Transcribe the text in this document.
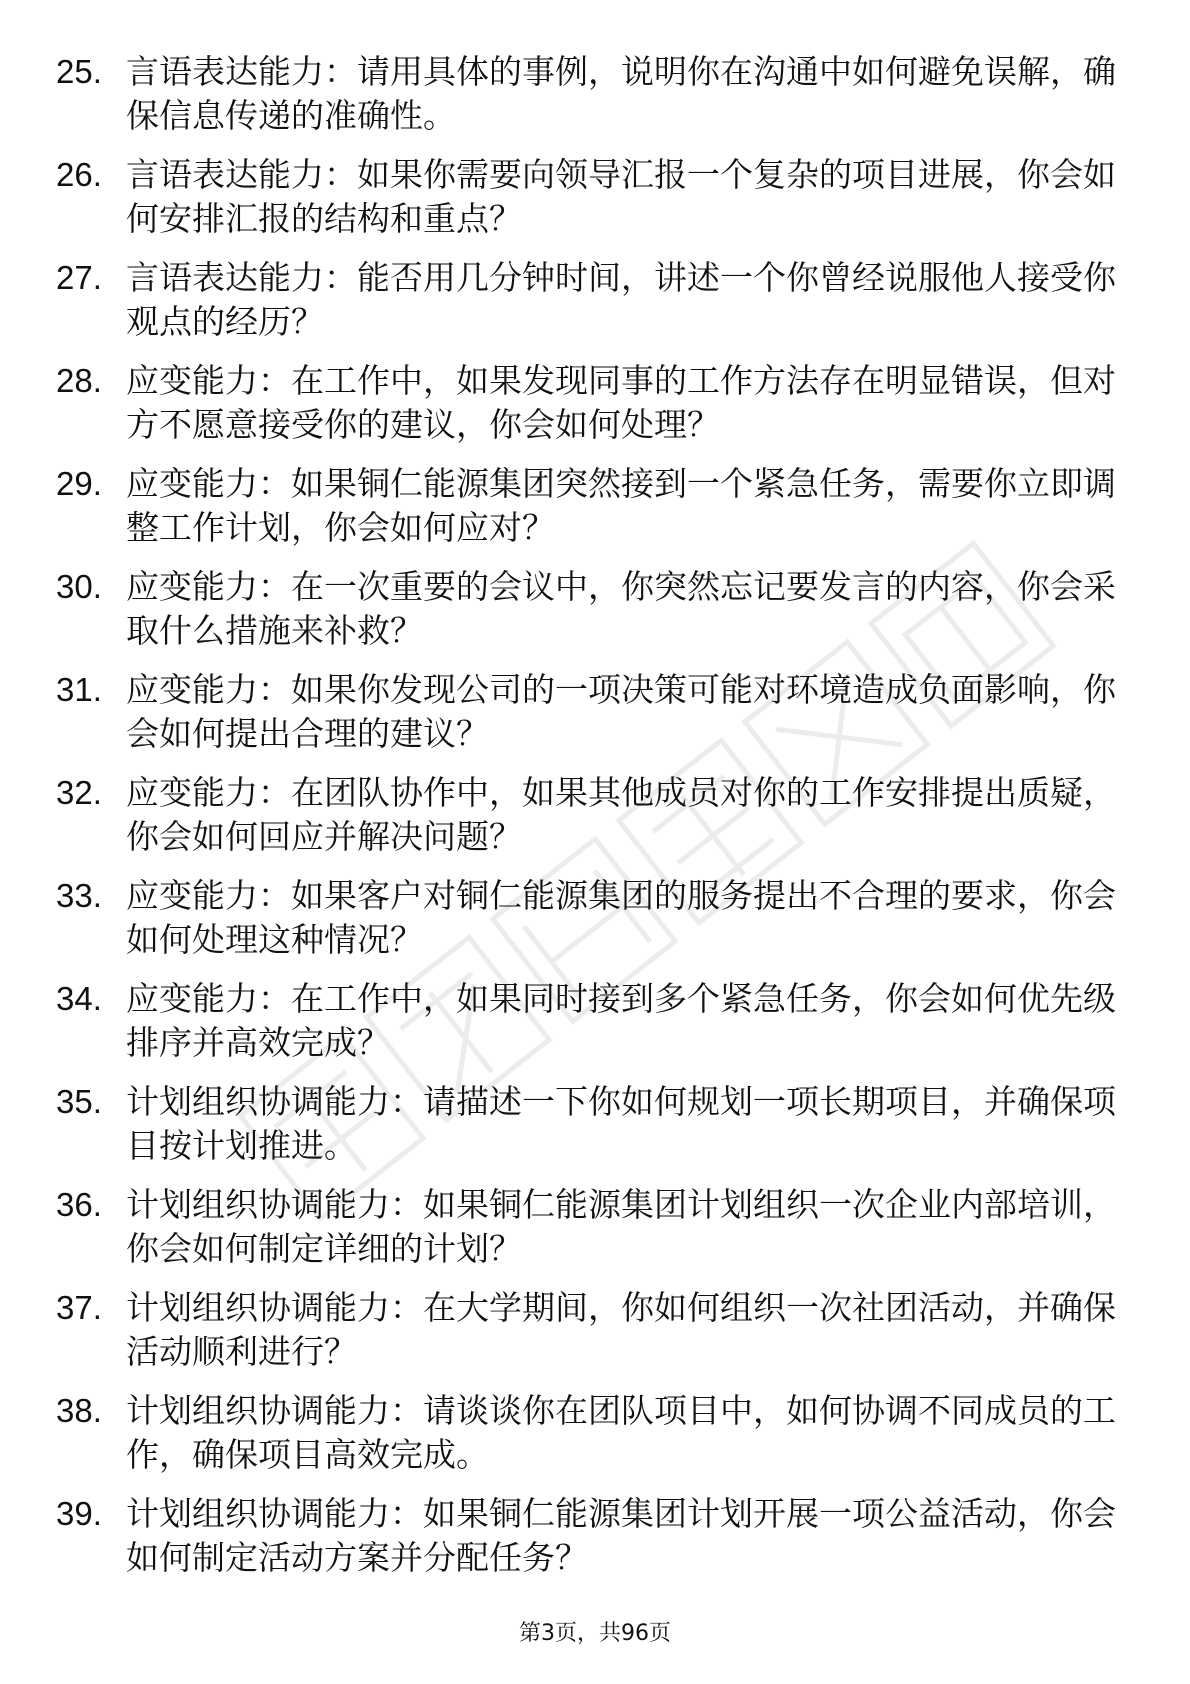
25. 言语表达能力：请用具体的事例，说明你在沟通中如何避免误解，确保信息传递的准确性。
26. 言语表达能力：如果你需要向领导汇报一个复杂的项目进展，你会如何安排汇报的结构和重点？
27. 言语表达能力：能否用几分钟时间，讲述一个你曾经说服他人接受你观点的经历？
28. 应变能力：在工作中，如果发现同事的工作方法存在明显错误，但对方不愿意接受你的建议，你会如何处理？
29. 应变能力：如果铜仁能源集团突然接到一个紧急任务，需要你立即调整工作计划，你会如何应对？
30. 应变能力：在一次重要的会议中，你突然忘记要发言的内容，你会采取什么措施来补救？
31. 应变能力：如果你发现公司的一项决策可能对环境造成负面影响，你会如何提出合理的建议？
32. 应变能力：在团队协作中，如果其他成员对你的工作安排提出质疑，你会如何回应并解决问题？
33. 应变能力：如果客户对铜仁能源集团的服务提出不合理的要求，你会如何处理这种情况？
34. 应变能力：在工作中，如果同时接到多个紧急任务，你会如何优先级排序并高效完成？
35. 计划组织协调能力：请描述一下你如何规划一项长期项目，并确保项目按计划推进。
36. 计划组织协调能力：如果铜仁能源集团计划组织一次企业内部培训，你会如何制定详细的计划？
37. 计划组织协调能力：在大学期间，你如何组织一次社团活动，并确保活动顺利进行？
38. 计划组织协调能力：请谈谈你在团队项目中，如何协调不同成员的工作，确保项目高效完成。
39. 计划组织协调能力：如果铜仁能源集团计划开展一项公益活动，你会如何制定活动方案并分配任务？
第3页，共96页
